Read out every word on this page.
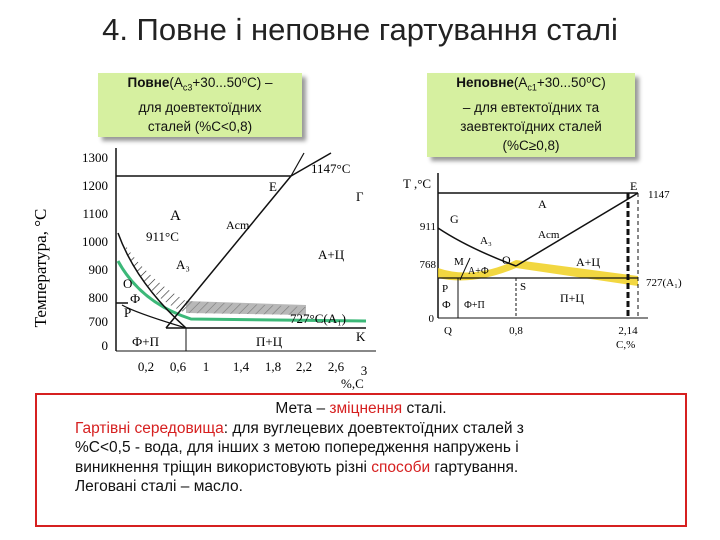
4. Повне і неповне гартування сталі
$Повне(A_{c3}+30...50^0C)$ –
для доевтектоїдних
сталей (%C<0,8)
$Неповне(A_{c1}+30...50^0C)$
– для евтектоїдних та
заевтектоїдних сталей
(%C≥0,8)
Температура, °С
1300
1200
1100
1000
900
800
700
0
1147°С
E
Г
A
911°С
Aсm
A₃
A+Ц
O
Ф
P	727°С(A₁)
Ф+П	П+Ц	K
0,2 0,6 1 1,4 1,8 2,2 2,6 3
%,С
T ,°С	E
1147
G
A
A₃	Aсm
M
A+Ф
O	A+Ц
727(A₁)
P	S
Ф Ф+П
П+Ц
911
768
0
Q	0,8	2,14
C,%

Мета – зміцнення сталі.

Гартівні середовища: для вуглецевих доевтектоїдних сталей з

%С<0,5 - вода, для інших з метою попередження напружень і

виникнення тріщин використовують різні способи гартування.

Леговані сталі – масло.
